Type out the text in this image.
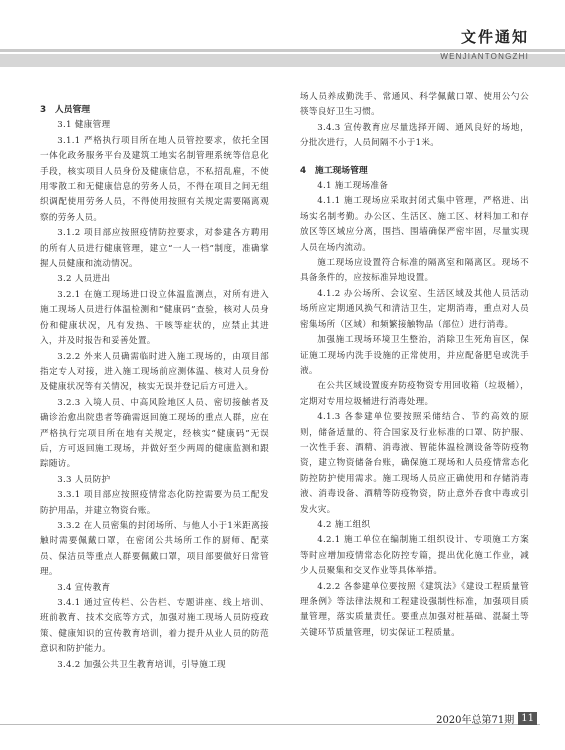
文件通知
WENJIANTONGZHI
3　人员管理
3.1 健康管理

3.1.1 严格执行项目所在地人员管控要求，依托全国一体化政务服务平台及建筑工地实名制管理系统等信息化手段，核实项目人员身份及健康信息，不私招乱雇，不使用零散工和无健康信息的劳务人员，不得在项目之间无组织调配使用劳务人员，不得使用按照有关规定需要隔离观察的劳务人员。

3.1.2 项目部应按照疫情防控要求，对参建各方聘用的所有人员进行健康管理，建立“一人一档”制度，准确掌握人员健康和流动情况。

3.2 人员进出

3.2.1 在施工现场进口设立体温监测点，对所有进入施工现场人员进行体温检测和“健康码”查验，核对人员身份和健康状况，凡有发热、干咳等症状的，应禁止其进入，并及时报告和妥善处置。

3.2.2 外来人员确需临时进入施工现场的，由项目部指定专人对接，进入施工现场前应测体温、核对人员身份及健康状况等有关情况，核实无误并登记后方可进入。

3.2.3 入境人员、中高风险地区人员、密切接触者及确诊治愈出院患者等确需返回施工现场的重点人群，应在严格执行完项目所在地有关规定，经核实“健康码”无误后，方可返回施工现场，并做好至少两周的健康监测和跟踪随访。

3.3 人员防护

3.3.1 项目部应按照疫情常态化防控需要为员工配发防护用品，并建立物资台账。

3.3.2 在人员密集的封闭场所、与他人小于1米距离接触时需要佩戴口罩，在密闭公共场所工作的厨师、配菜员、保洁员等重点人群要佩戴口罩，项目部要做好日常管理。

3.4 宣传教育

3.4.1 通过宣传栏、公告栏、专题讲座、线上培训、班前教育、技术交底等方式，加强对施工现场人员防疫政策、健康知识的宣传教育培训，着力提升从业人员的防范意识和防护能力。

3.4.2 加强公共卫生教育培训，引导施工现

场人员养成勤洗手、常通风、科学佩戴口罩、使用公勺公筷等良好卫生习惯。

3.4.3 宣传教育应尽量选择开阔、通风良好的场地，分批次进行，人员间隔不小于1米。

4　施工现场管理
4.1 施工现场准备

4.1.1 施工现场应采取封闭式集中管理，严格进、出场实名制考勤。办公区、生活区、施工区、材料加工和存放区等区域应分离，围挡、围墙确保严密牢固，尽量实现人员在场内流动。

施工现场应设置符合标准的隔离室和隔离区。现场不具备条件的，应按标准异地设置。

4.1.2 办公场所、会议室、生活区域及其他人员活动场所应定期通风换气和清洁卫生，定期消毒，重点对人员密集场所（区域）和频繁接触物品（部位）进行消毒。

加强施工现场环境卫生整治，消除卫生死角盲区，保证施工现场内洗手设施的正常使用，并应配备肥皂或洗手液。

在公共区域设置废弃防疫物资专用回收箱（垃圾桶），定期对专用垃圾桶进行消毒处理。

4.1.3 各参建单位要按照采储结合、节约高效的原则，储备适量的、符合国家及行业标准的口罩、防护服、一次性手套、酒精、消毒液、智能体温检测设备等防疫物资，建立物资储备台账，确保施工现场和人员疫情常态化防控防护使用需求。施工现场人员应正确使用和存储消毒液、消毒设备、酒精等防疫物资，防止意外吞食中毒或引发火灾。

4.2 施工组织

4.2.1 施工单位在编制施工组织设计、专项施工方案等时应增加疫情常态化防控专篇，提出优化施工作业，减少人员聚集和交叉作业等具体举措。

4.2.2 各参建单位要按照《建筑法》《建设工程质量管理条例》等法律法规和工程建设强制性标准，加强项目质量管理，落实质量责任。要重点加强对桩基础、混凝土等关键环节质量管理，切实保证工程质量。

2020年总第71期 11
